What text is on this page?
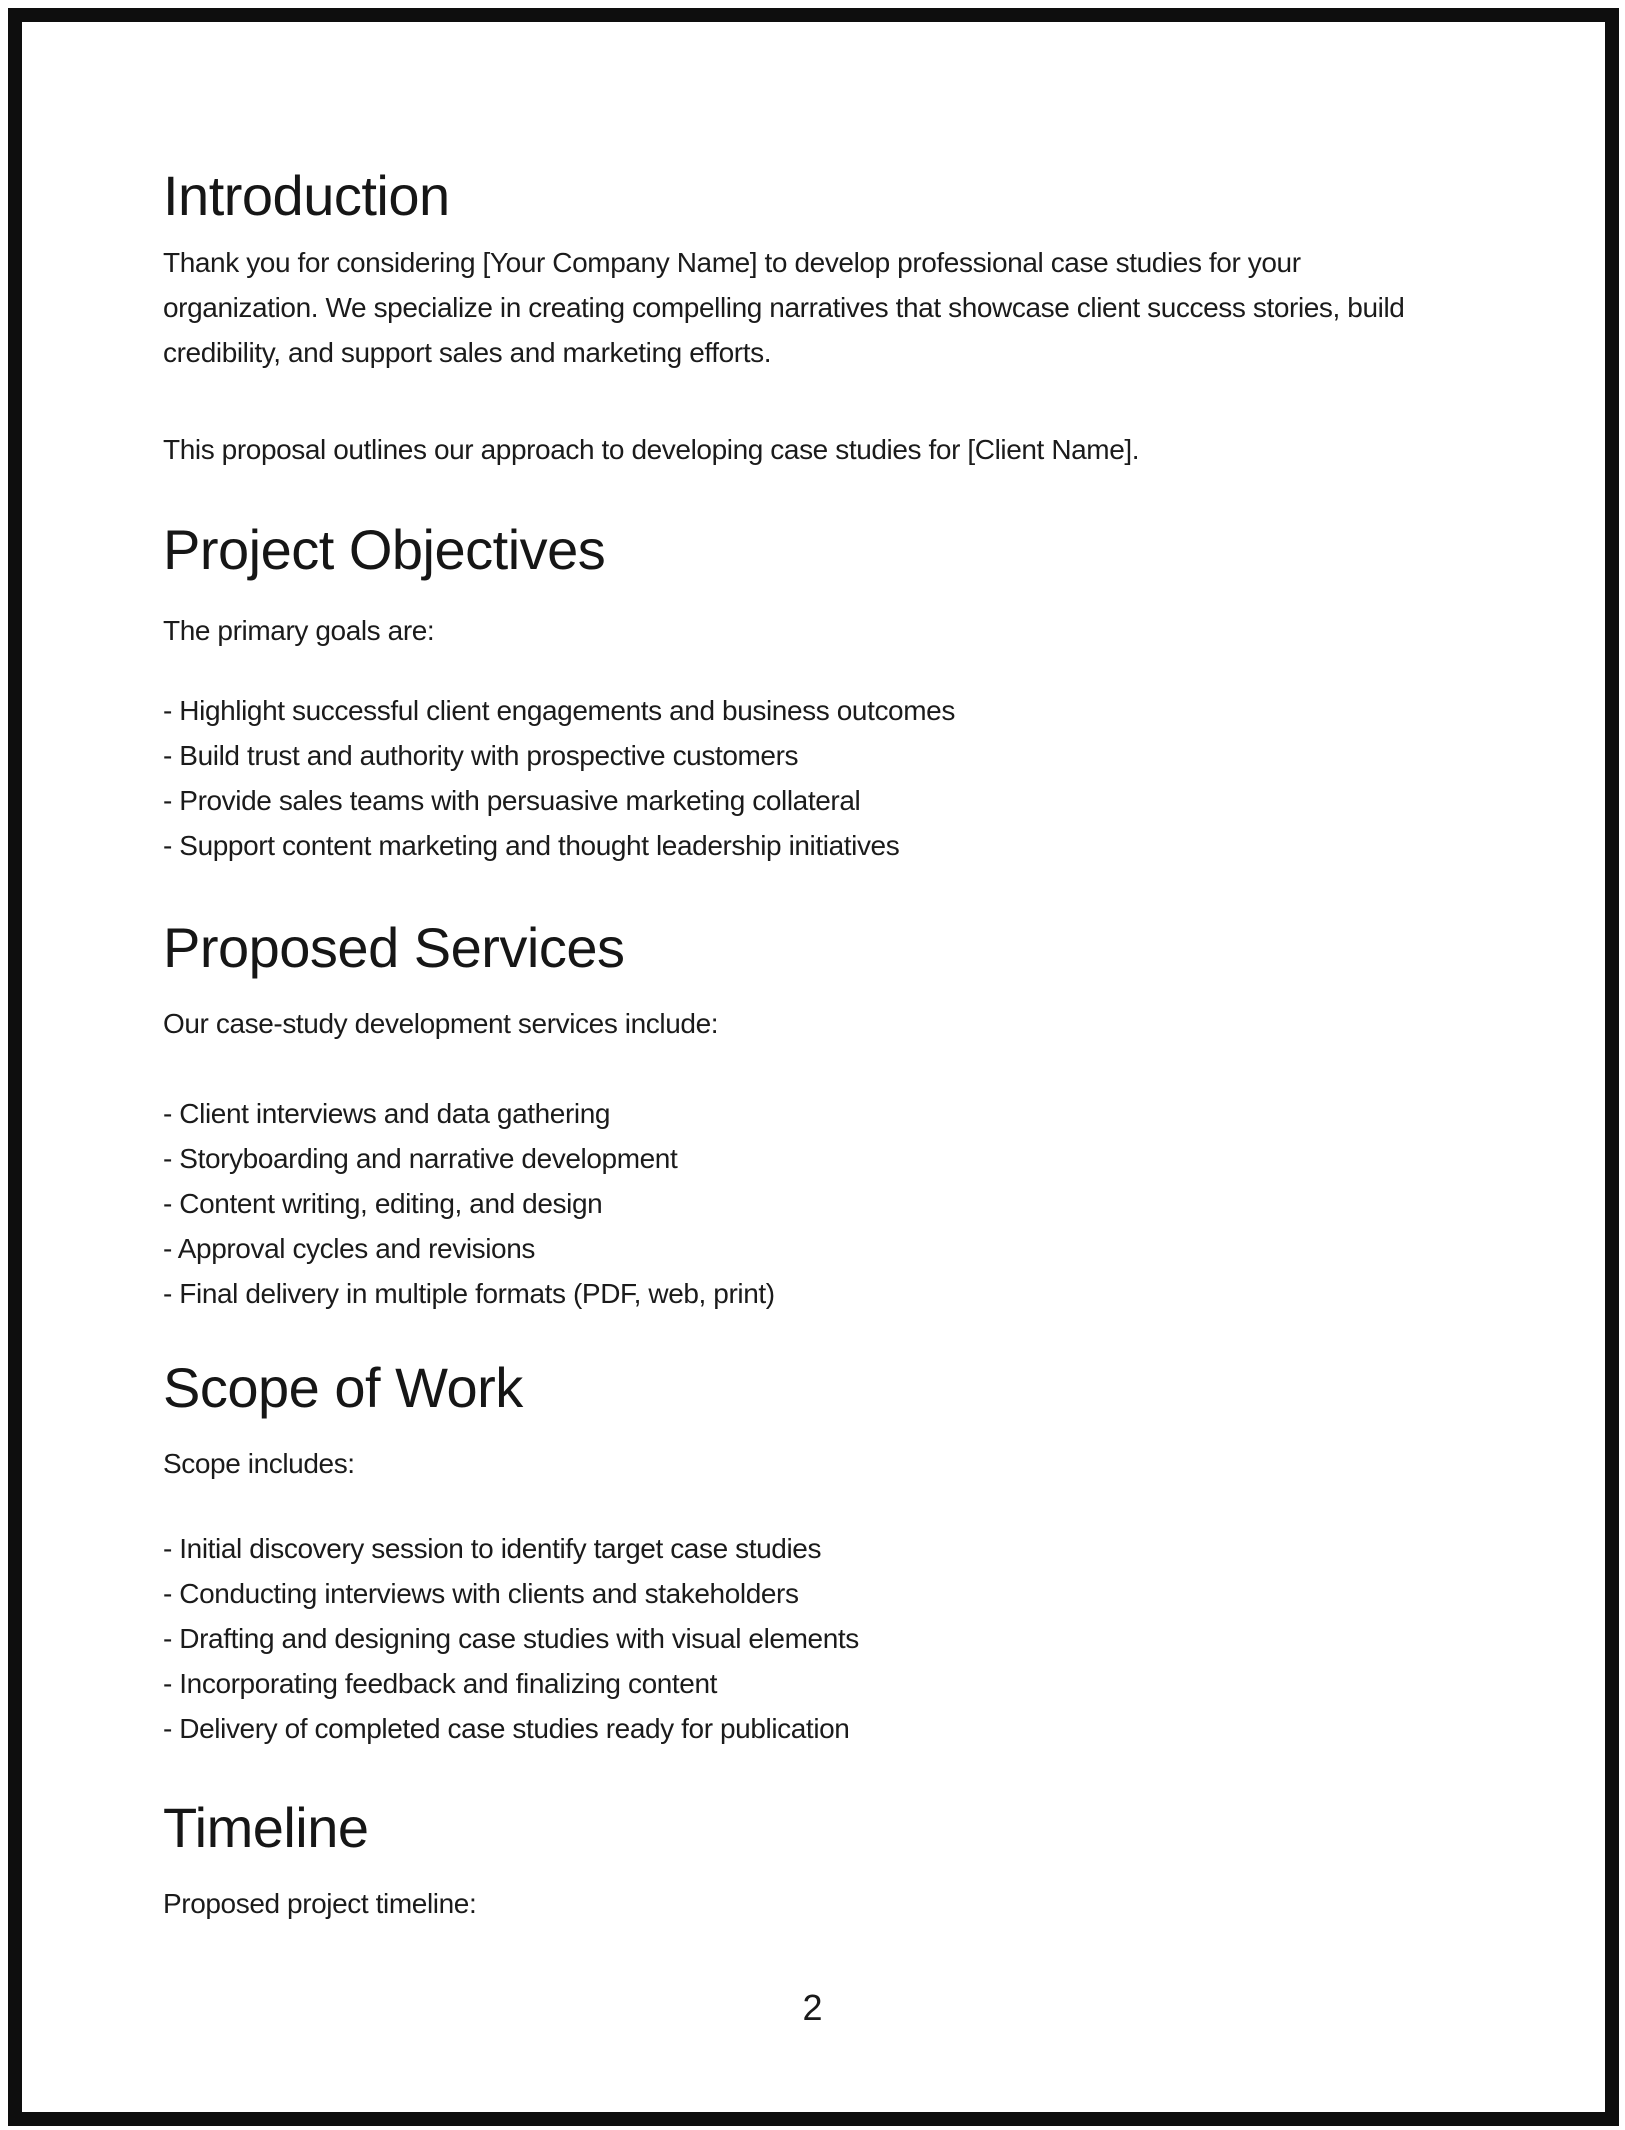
Introduction
Thank you for considering [Your Company Name] to develop professional case studies for your
organization. We specialize in creating compelling narratives that showcase client success stories, build
credibility, and support sales and marketing efforts.
This proposal outlines our approach to developing case studies for [Client Name].
Project Objectives
The primary goals are:
- Highlight successful client engagements and business outcomes
- Build trust and authority with prospective customers
- Provide sales teams with persuasive marketing collateral
- Support content marketing and thought leadership initiatives
Proposed Services
Our case-study development services include:
- Client interviews and data gathering
- Storyboarding and narrative development
- Content writing, editing, and design
- Approval cycles and revisions
- Final delivery in multiple formats (PDF, web, print)
Scope of Work
Scope includes:
- Initial discovery session to identify target case studies
- Conducting interviews with clients and stakeholders
- Drafting and designing case studies with visual elements
- Incorporating feedback and finalizing content
- Delivery of completed case studies ready for publication
Timeline
Proposed project timeline:
2
